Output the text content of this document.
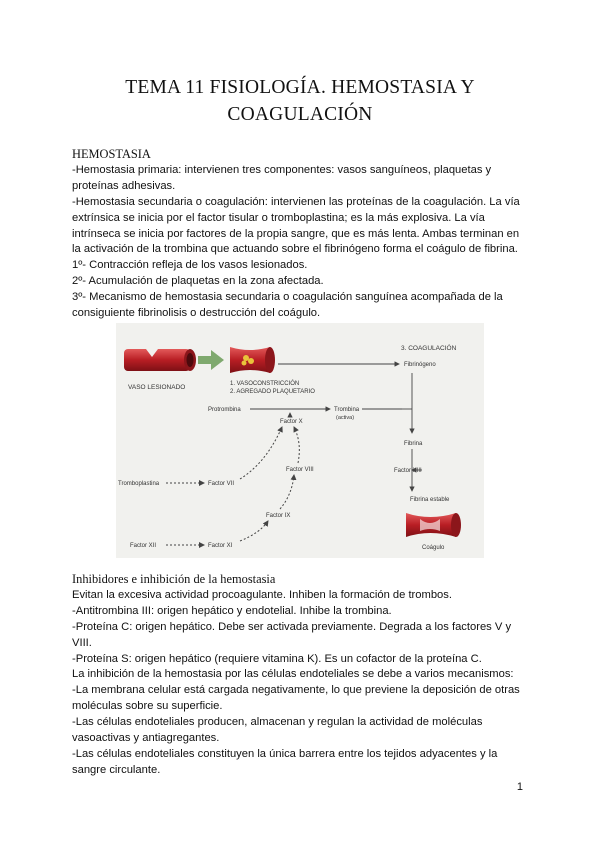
TEMA 11 FISIOLOGÍA. HEMOSTASIA Y
COAGULACIÓN

HEMOSTASIA

-Hemostasia primaria: intervienen tres componentes: vasos sanguíneos, plaquetas y proteínas adhesivas.

-Hemostasia secundaria o coagulación: intervienen las proteínas de la coagulación. La vía extrínsica se inicia por el factor tisular o tromboplastina; es la más explosiva. La vía intrínseca se inicia por factores de la propia sangre, que es más lenta. Ambas terminan en la activación de la trombina que actuando sobre el fibrinógeno forma el coágulo de fibrina.

1º- Contracción refleja de los vasos lesionados.

2º- Acumulación de plaquetas en la zona afectada.

3º- Mecanismo de hemostasia secundaria o coagulación sanguínea acompañada de la consiguiente fibrinolisis o destrucción del coágulo.

VASO LESIONADO	1. VASOCONSTRICCIÓN
2. AGREGADO PLAQUETARIO
3. COAGULACIÓN
Fibrinógeno
Protrombina	Trombina
(activa)
Factor X
Factor VIII
Tromboplastina	Factor VII
Factor IX
Factor XII	Factor XI
Fibrina
Factor XIII
Fibrina estable
Coágulo

Inhibidores e inhibición de la hemostasia

Evitan la excesiva actividad procoagulante. Inhiben la formación de trombos.

-Antitrombina III: origen hepático y endotelial. Inhibe la trombina.

-Proteína C: origen hepático. Debe ser activada previamente. Degrada a los factores V y VIII.

-Proteína S: origen hepático (requiere vitamina K). Es un cofactor de la proteína C.

La inhibición de la hemostasia por las células endoteliales se debe a varios mecanismos:

-La membrana celular está cargada negativamente, lo que previene la deposición de otras moléculas sobre su superficie.

-Las células endoteliales producen, almacenan y regulan la actividad de moléculas vasoactivas y antiagregantes.

-Las células endoteliales constituyen la única barrera entre los tejidos adyacentes y la sangre circulante.

1
